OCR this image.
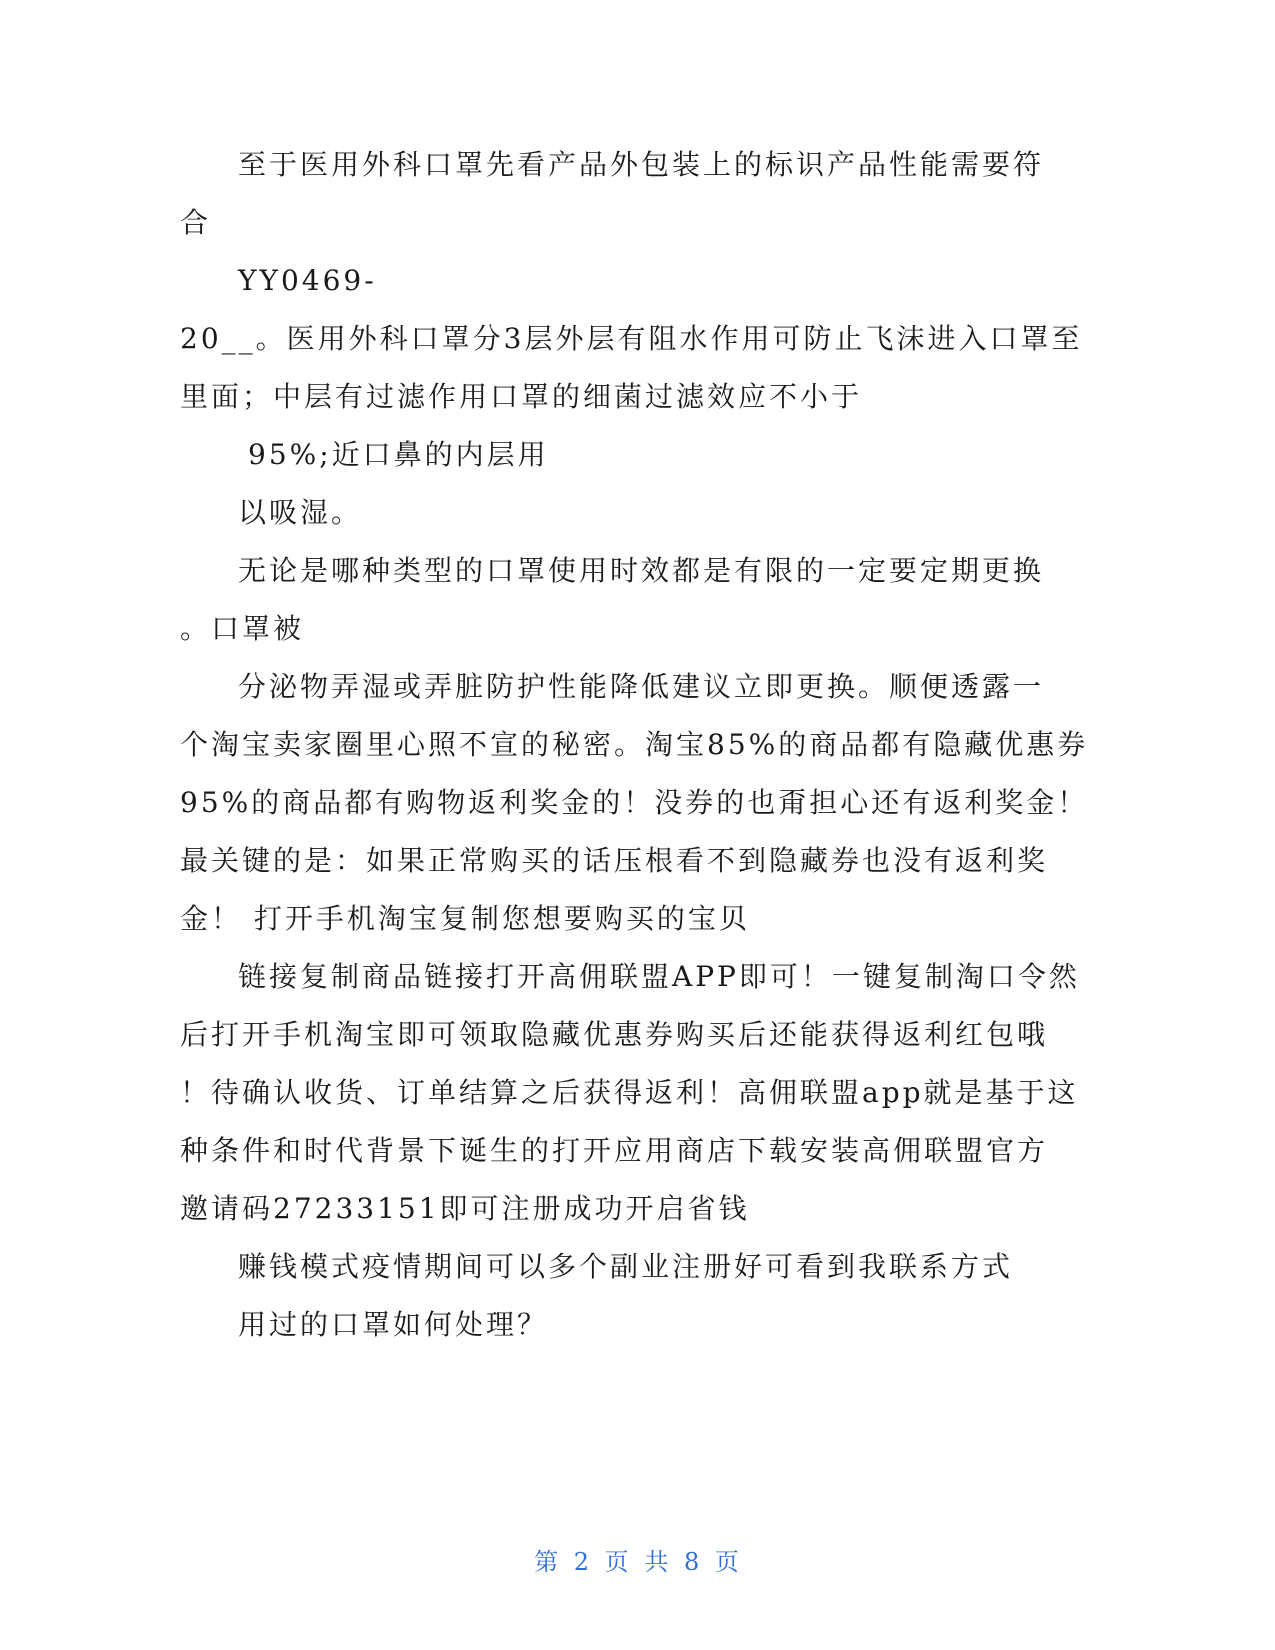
至于医用外科口罩先看产品外包装上的标识产品性能需要符
合
YY0469-
20__。医用外科口罩分3层外层有阻水作用可防止飞沫进入口罩至
里面；中层有过滤作用口罩的细菌过滤效应不小于
95%;近口鼻的内层用
以吸湿。
无论是哪种类型的口罩使用时效都是有限的一定要定期更换
。口罩被
分泌物弄湿或弄脏防护性能降低建议立即更换。顺便透露一
个淘宝卖家圈里心照不宣的秘密。淘宝85%的商品都有隐藏优惠券
95%的商品都有购物返利奖金的！没券的也甭担心还有返利奖金！
最关键的是：如果正常购买的话压根看不到隐藏券也没有返利奖
金！ 打开手机淘宝复制您想要购买的宝贝
链接复制商品链接打开高佣联盟APP即可！一键复制淘口令然
后打开手机淘宝即可领取隐藏优惠券购买后还能获得返利红包哦
！待确认收货、订单结算之后获得返利！高佣联盟app就是基于这
种条件和时代背景下诞生的打开应用商店下载安装高佣联盟官方
邀请码27233151即可注册成功开启省钱
赚钱模式疫情期间可以多个副业注册好可看到我联系方式
用过的口罩如何处理？
第 2 页 共 8 页
